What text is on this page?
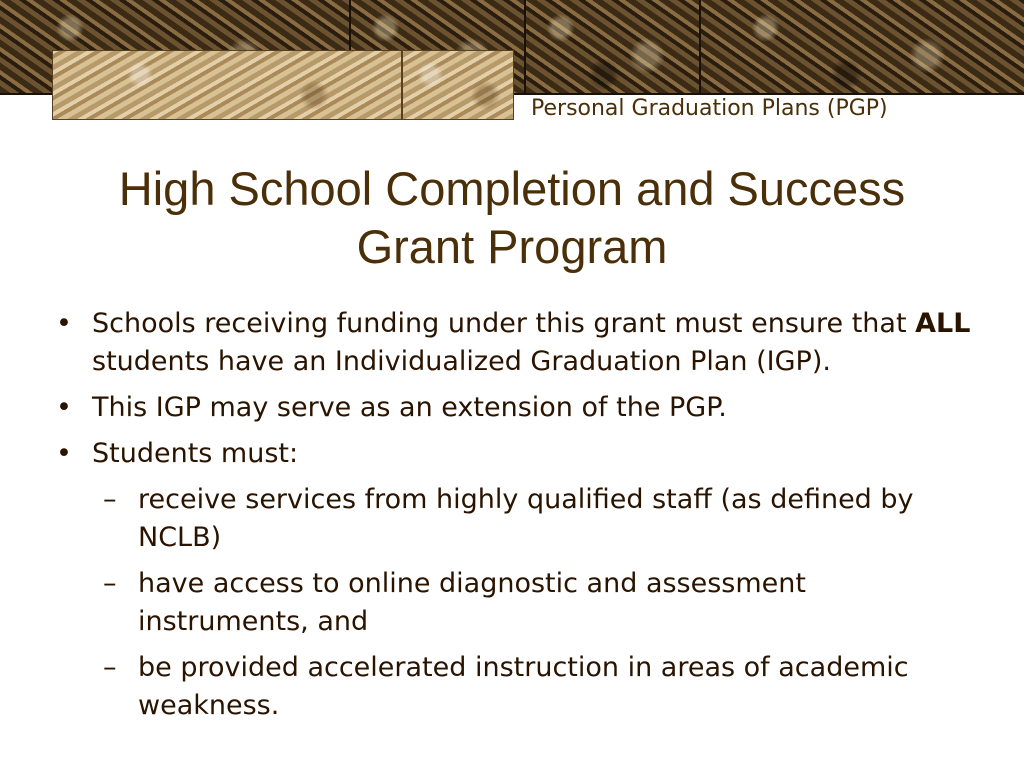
Personal Graduation Plans (PGP)
High School Completion and Success
Grant Program
• Schools receiving funding under this grant must ensure that ALL students have an Individualized Graduation Plan (IGP).
• This IGP may serve as an extension of the PGP.
• Students must:
– receive services from highly qualified staff (as defined by NCLB)
– have access to online diagnostic and assessment instruments, and
– be provided accelerated instruction in areas of academic weakness.
